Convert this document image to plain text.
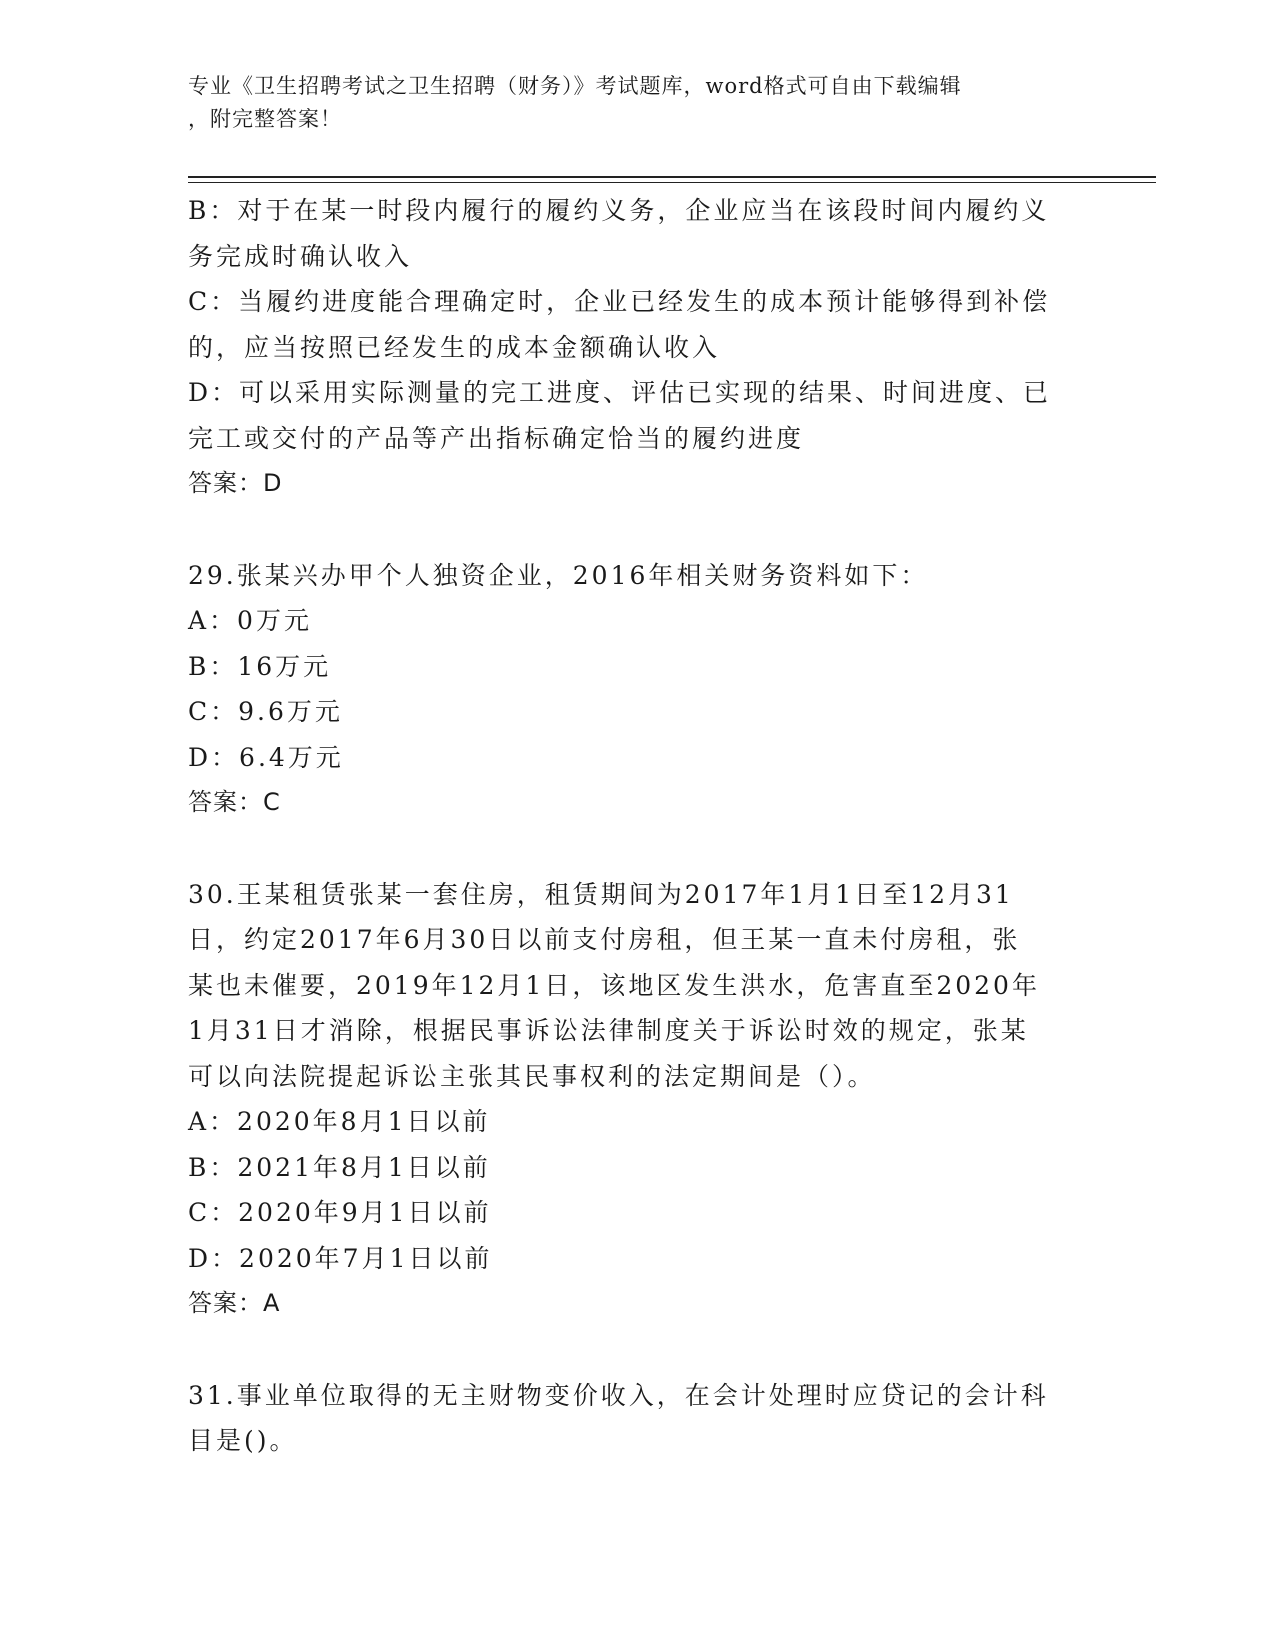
专业《卫生招聘考试之卫生招聘（财务）》考试题库，word格式可自由下载编辑
，附完整答案！

B：对于在某一时段内履行的履约义务，企业应当在该段时间内履约义

务完成时确认收入

C：当履约进度能合理确定时，企业已经发生的成本预计能够得到补偿

的，应当按照已经发生的成本金额确认收入

D：可以采用实际测量的完工进度、评估已实现的结果、时间进度、已

完工或交付的产品等产出指标确定恰当的履约进度

答案：D

29.张某兴办甲个人独资企业，2016年相关财务资料如下：

A：0万元

B：16万元

C：9.6万元

D：6.4万元

答案：C

30.王某租赁张某一套住房，租赁期间为2017年1月1日至12月31

日，约定2017年6月30日以前支付房租，但王某一直未付房租，张

某也未催要，2019年12月1日，该地区发生洪水，危害直至2020年

1月31日才消除，根据民事诉讼法律制度关于诉讼时效的规定，张某

可以向法院提起诉讼主张其民事权利的法定期间是（）。

A：2020年8月1日以前

B：2021年8月1日以前

C：2020年9月1日以前

D：2020年7月1日以前

答案：A

31.事业单位取得的无主财物变价收入，在会计处理时应贷记的会计科

目是()。
